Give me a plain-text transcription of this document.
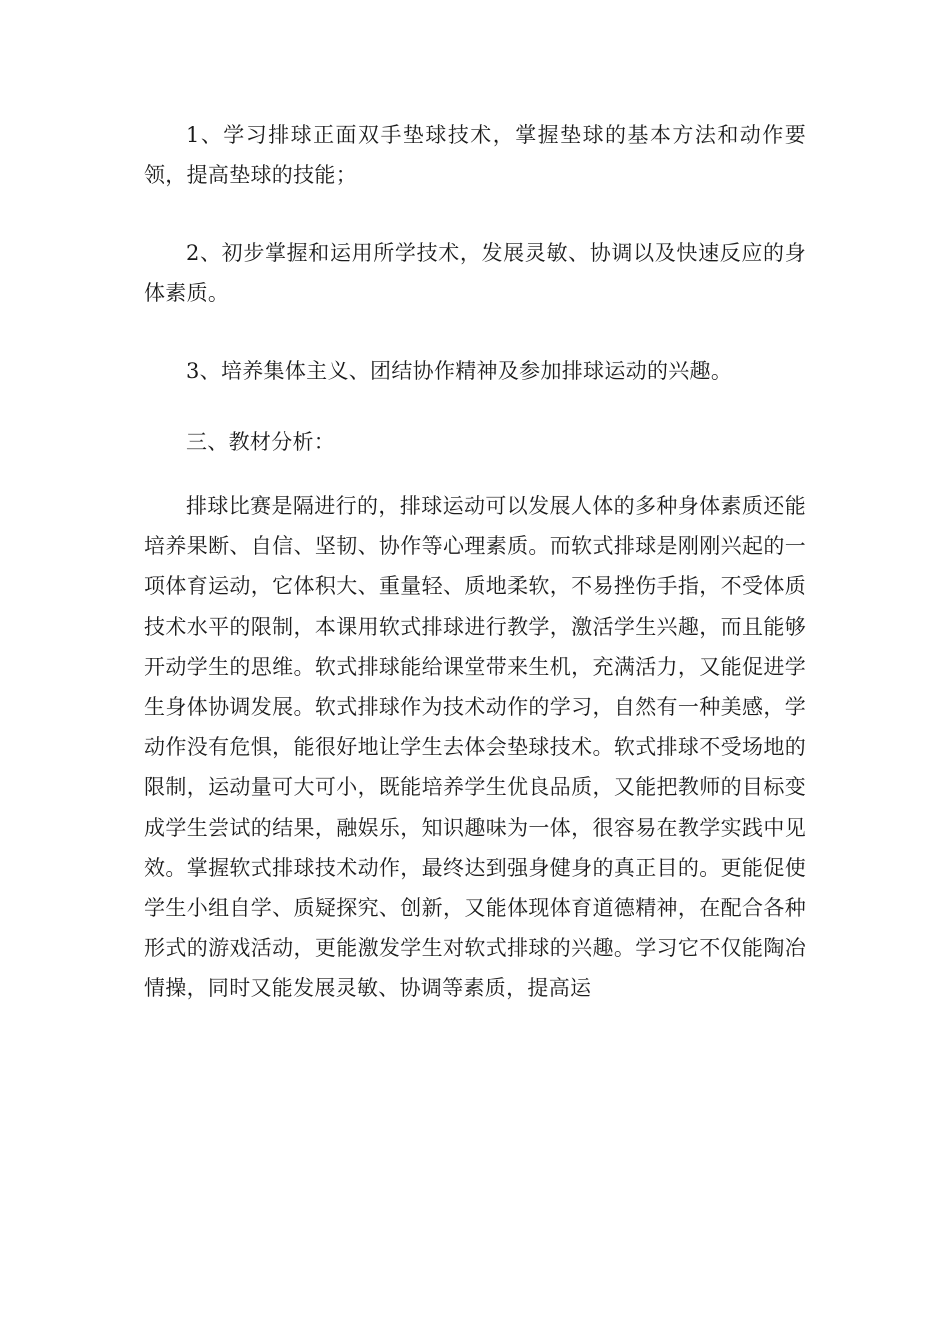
1、学习排球正面双手垫球技术，掌握垫球的基本方法和动作要领，提高垫球的技能；

2、初步掌握和运用所学技术，发展灵敏、协调以及快速反应的身体素质。

3、培养集体主义、团结协作精神及参加排球运动的兴趣。

三、教材分析：

排球比赛是隔进行的，排球运动可以发展人体的多种身体素质还能培养果断、自信、坚韧、协作等心理素质。而软式排球是刚刚兴起的一项体育运动，它体积大、重量轻、质地柔软，不易挫伤手指，不受体质技术水平的限制，本课用软式排球进行教学，激活学生兴趣，而且能够开动学生的思维。软式排球能给课堂带来生机，充满活力，又能促进学生身体协调发展。软式排球作为技术动作的学习，自然有一种美感，学动作没有危惧，能很好地让学生去体会垫球技术。软式排球不受场地的限制，运动量可大可小，既能培养学生优良品质，又能把教师的目标变成学生尝试的结果，融娱乐，知识趣味为一体，很容易在教学实践中见效。掌握软式排球技术动作，最终达到强身健身的真正目的。更能促使学生小组自学、质疑探究、创新，又能体现体育道德精神，在配合各种形式的游戏活动，更能激发学生对软式排球的兴趣。学习它不仅能陶冶情操，同时又能发展灵敏、协调等素质，提高运
